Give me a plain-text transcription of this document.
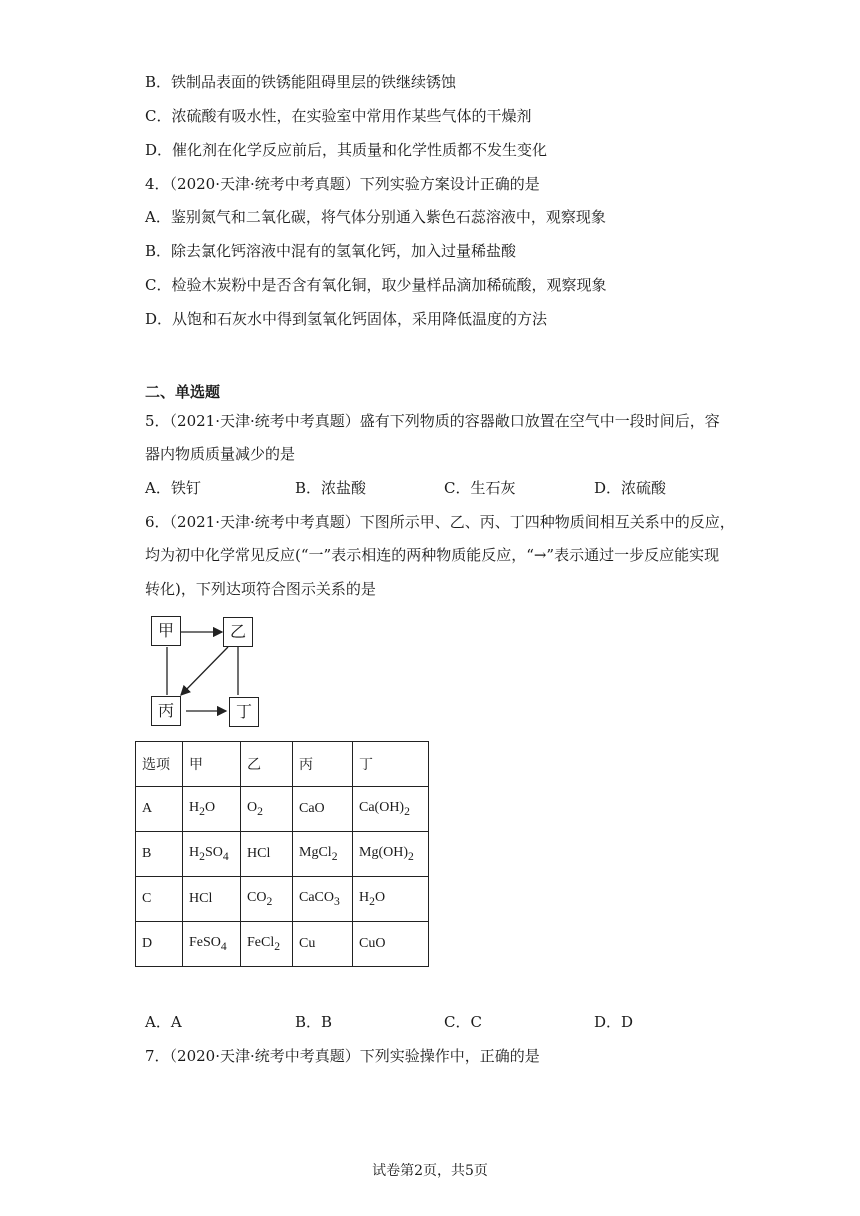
B．铁制品表面的铁锈能阻碍里层的铁继续锈蚀
C．浓硫酸有吸水性，在实验室中常用作某些气体的干燥剂
D．催化剂在化学反应前后，其质量和化学性质都不发生变化
4．（2020·天津·统考中考真题）下列实验方案设计正确的是
A．鉴别氮气和二氧化碳，将气体分别通入紫色石蕊溶液中，观察现象
B．除去氯化钙溶液中混有的氢氧化钙，加入过量稀盐酸
C．检验木炭粉中是否含有氧化铜，取少量样品滴加稀硫酸，观察现象
D．从饱和石灰水中得到氢氧化钙固体，采用降低温度的方法
二、单选题
5．（2021·天津·统考中考真题）盛有下列物质的容器敞口放置在空气中一段时间后，容
器内物质质量减少的是
A．铁钉	B．浓盐酸	C．生石灰	D．浓硫酸
6．（2021·天津·统考中考真题）下图所示甲、乙、丙、丁四种物质间相互关系中的反应，
均为初中化学常见反应(“一”表示相连的两种物质能反应，“→”表示通过一步反应能实现
转化)，下列达项符合图示关系的是
甲	乙
丙	丁
选项	甲	乙	丙	丁
A	$H_2O$	$O_2$	CaO	$Ca(OH)_2$
B	$H_2SO_4$	HCl	MgCl$_2$	$Mg(OH)_2$
C	HCl	$CO_2$	CaCO$_3$	$H_2O$
D	FeSO$_4$	FeCl$_2$	Cu	CuO
A．A	B．B	C．C	D．D
7．（2020·天津·统考中考真题）下列实验操作中，正确的是
试卷第2页，共5页
